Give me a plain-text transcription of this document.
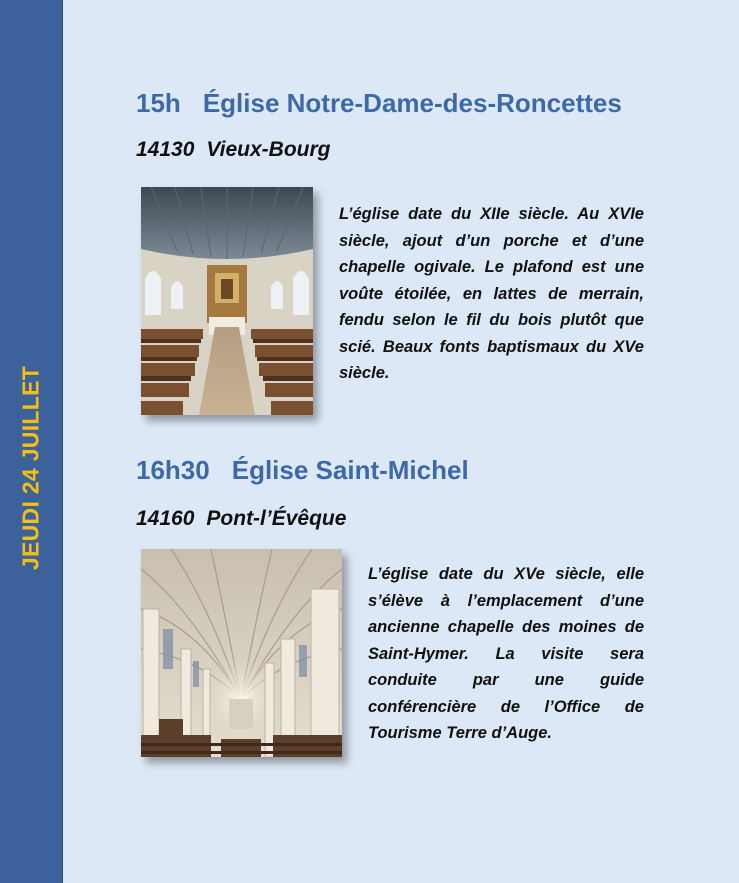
JEUDI 24 JUILLET
15h Église Notre-Dame-des-Roncettes
14130 Vieux-Bourg

L’église date du XIIe siècle. Au XVIe siècle, ajout d’un porche et d’une chapelle ogivale. Le plafond est une voûte étoilée, en lattes de merrain, fendu selon le fil du bois plutôt que scié. Beaux fonts baptismaux du XVe siècle.

16h30 Église Saint-Michel
14160 Pont-l’Évêque

L’église date du XVe siècle, elle s’élève à l’emplacement d’une ancienne chapelle des moines de Saint-Hymer. La visite sera conduite par une guide conférencière de l’Office de Tourisme Terre d’Auge.
